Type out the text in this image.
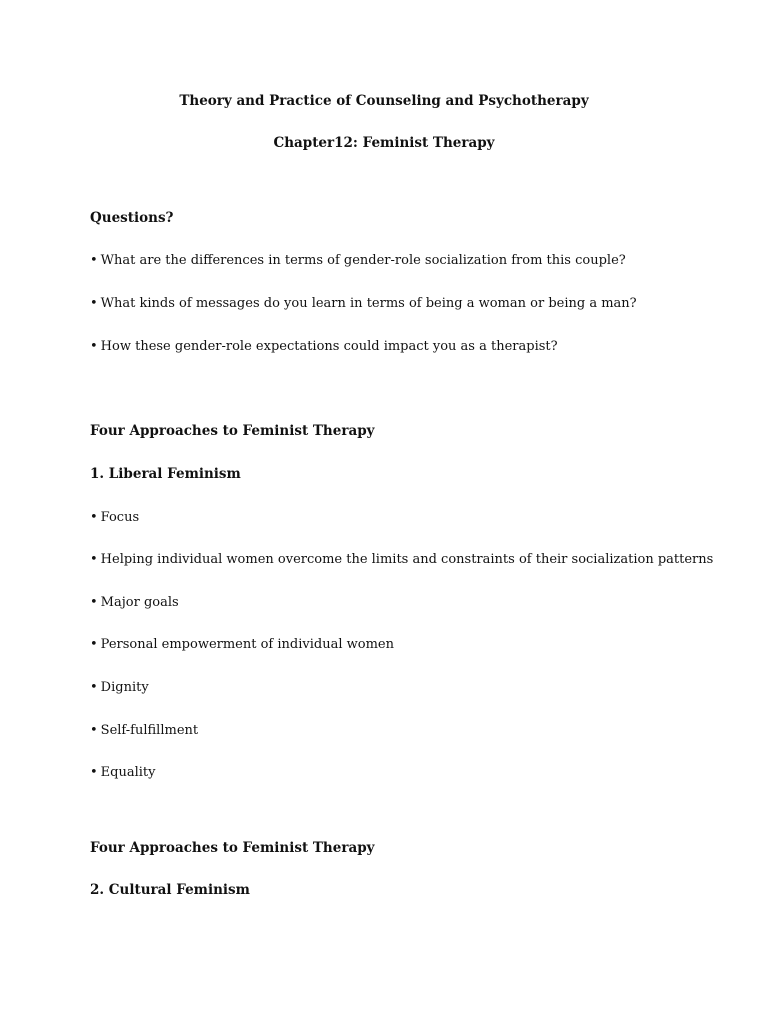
Theory and Practice of Counseling and Psychotherapy
Chapter12: Feminist Therapy
Questions?
• What are the differences in terms of gender-role socialization from this couple?
• What kinds of messages do you learn in terms of being a woman or being a man?
• How these gender-role expectations could impact you as a therapist?
Four Approaches to Feminist Therapy
1. Liberal Feminism
• Focus
• Helping individual women overcome the limits and constraints of their socialization patterns
• Major goals
• Personal empowerment of individual women
• Dignity
• Self-fulfillment
• Equality
Four Approaches to Feminist Therapy
2. Cultural Feminism
